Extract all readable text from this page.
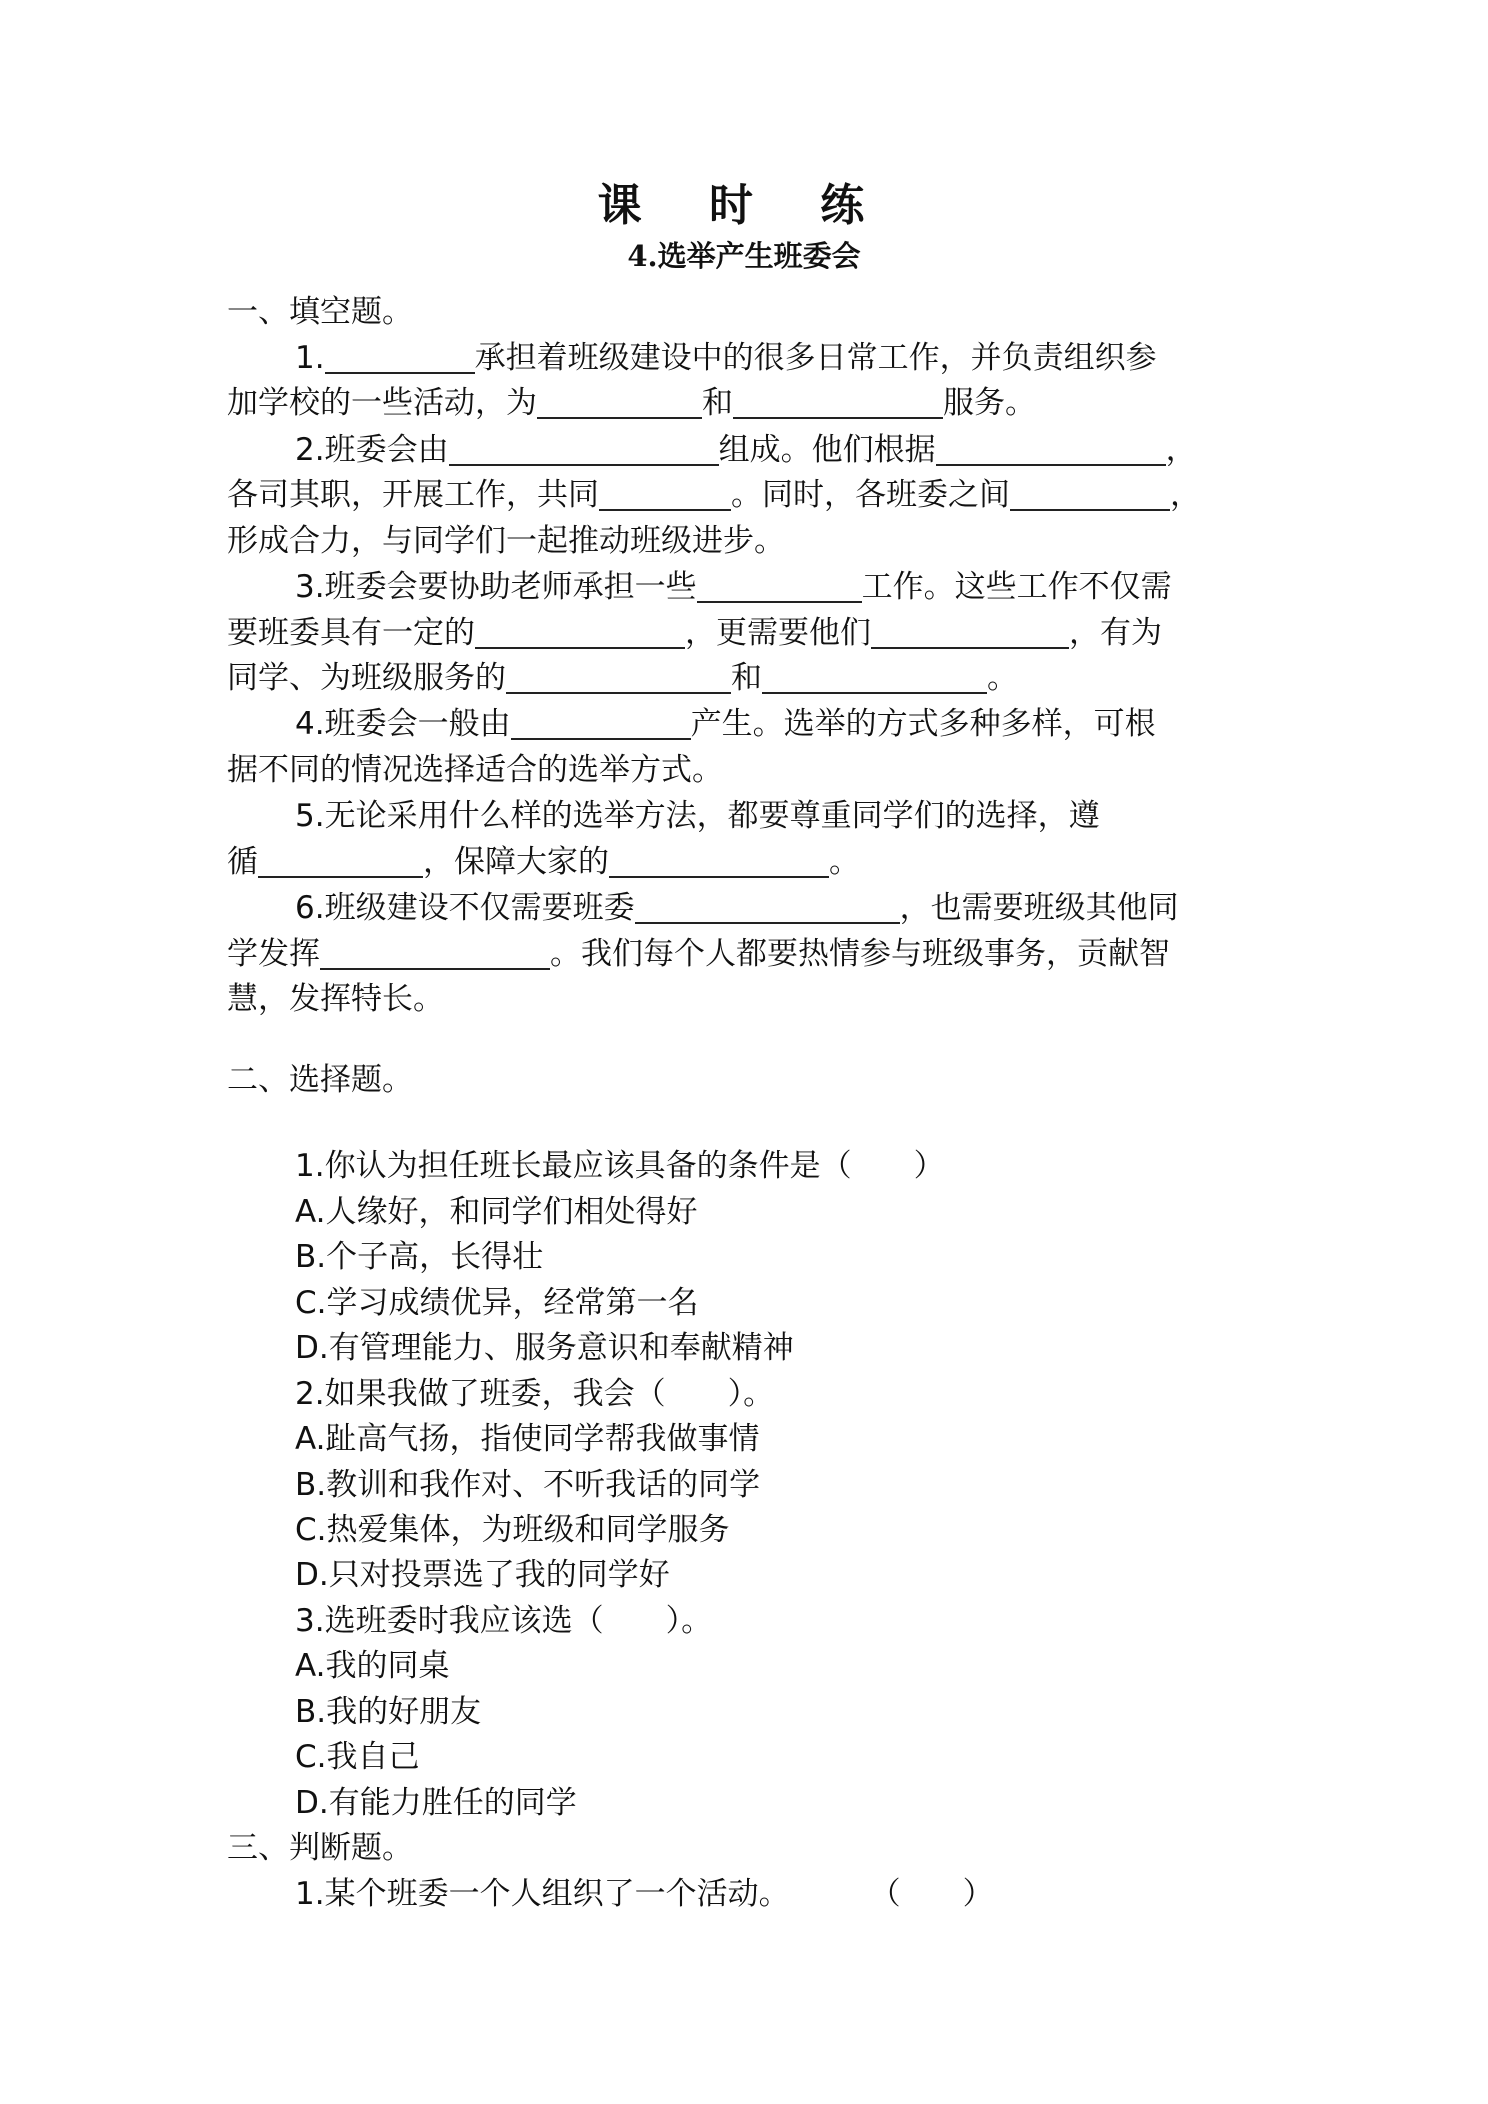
课 时 练
4.选举产生班委会
一、填空题。
1.	承担着班级建设中的很多日常工作，并负责组织参
加学校的一些活动，为	和	服务。
2.班委会由	组成。他们根据	，
各司其职，开展工作，共同	。同时，各班委之间	，
形成合力，与同学们一起推动班级进步。
3.班委会要协助老师承担一些	工作。这些工作不仅需
要班委具有一定的	，更需要他们	，有为
同学、为班级服务的	和	。
4.班委会一般由	产生。选举的方式多种多样，可根
据不同的情况选择适合的选举方式。
5.无论采用什么样的选举方法，都要尊重同学们的选择，遵
循	，保障大家的	。
6.班级建设不仅需要班委	，也需要班级其他同
学发挥	。我们每个人都要热情参与班级事务，贡献智
慧，发挥特长。
二、选择题。
1.你认为担任班长最应该具备的条件是（　　）
A.人缘好，和同学们相处得好
B.个子高，长得壮
C.学习成绩优异，经常第一名
D.有管理能力、服务意识和奉献精神
2.如果我做了班委，我会（　　）。
A.趾高气扬，指使同学帮我做事情
B.教训和我作对、不听我话的同学
C.热爱集体，为班级和同学服务
D.只对投票选了我的同学好
3.选班委时我应该选（　　）。
A.我的同桌
B.我的好朋友
C.我自己
D.有能力胜任的同学
三、判断题。
1.某个班委一个人组织了一个活动。	（　　）
